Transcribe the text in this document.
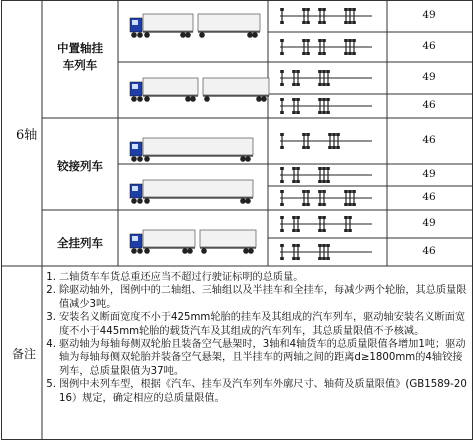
6轴
中置轴挂车列车
铰接列车
全挂列车
49
46
49
46
46
49
46
49
46
备注
1. 二轴货车车货总重还应当不超过行驶证标明的总质量。
2. 除驱动轴外，图例中的二轴组、三轴组以及半挂车和全挂车，每减少两个轮胎，其总质量限值减少3吨。
3. 安装名义断面宽度不小于425mm轮胎的挂车及其组成的汽车列车，驱动轴安装名义断面宽度不小于445mm轮胎的载货汽车及其组成的汽车列车，其总质量限值不予核减。
4. 驱动轴为每轴每侧双轮胎且装备空气悬架时，3轴和4轴货车的总质量限值各增加1吨；驱动轴为每轴每侧双轮胎并装备空气悬架，且半挂车的两轴之间的距离d≥1800mm的4轴铰接列车，总质量限值为37吨。
5. 图例中未列车型，根据《汽车、挂车及汽车列车外廓尺寸、轴荷及质量限值》(GB1589-2016）规定，确定相应的总质量限值。
